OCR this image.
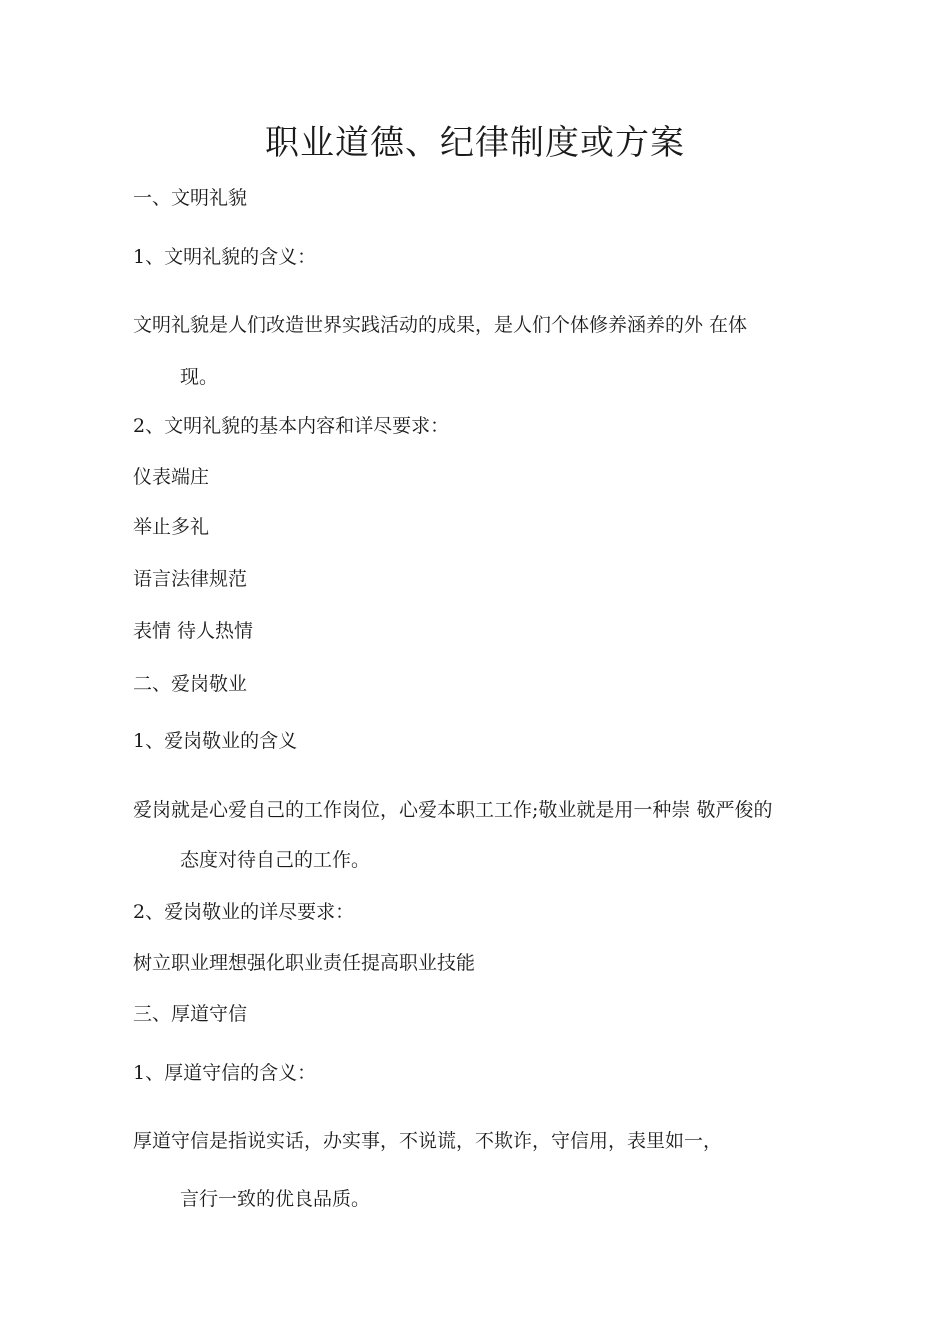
职业道德、纪律制度或方案
一、文明礼貌
1、文明礼貌的含义：
文明礼貌是人们改造世界实践活动的成果，是人们个体修养涵养的外 在体
现。
2、文明礼貌的基本内容和详尽要求：
仪表端庄
举止多礼
语言法律规范
表情 待人热情
二、爱岗敬业
1、爱岗敬业的含义
爱岗就是心爱自己的工作岗位，心爱本职工工作;敬业就是用一种崇 敬严俊的
态度对待自己的工作。
2、爱岗敬业的详尽要求：
树立职业理想强化职业责任提高职业技能
三、厚道守信
1、厚道守信的含义：
厚道守信是指说实话，办实事，不说谎，不欺诈，守信用，表里如一，
言行一致的优良品质。
